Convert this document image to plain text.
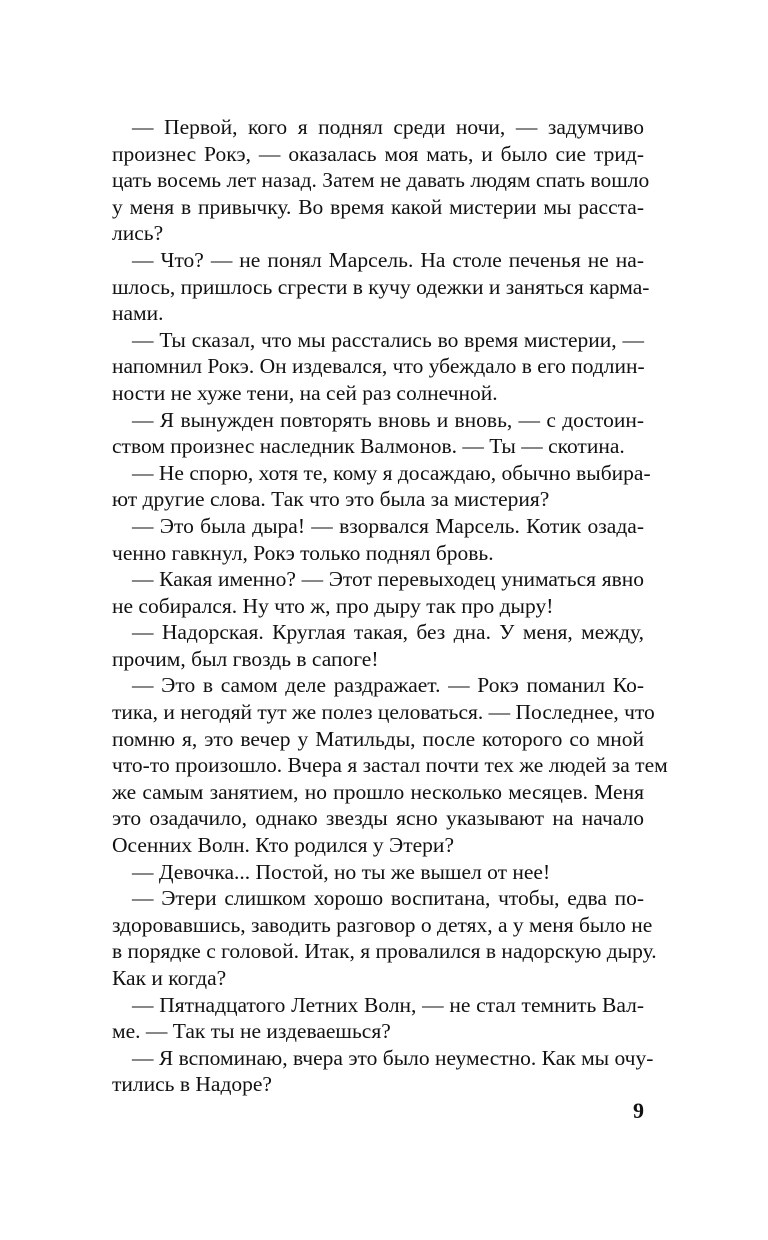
— Первой, кого я поднял среди ночи, — задумчиво
произнес Рокэ, — оказалась моя мать, и было сие трид-
цать восемь лет назад. Затем не давать людям спать вошло
у меня в привычку. Во время какой мистерии мы расста-
лись?
— Что? — не понял Марсель. На столе печенья не на-
шлось, пришлось сгрести в кучу одежки и заняться карма-
нами.
— Ты сказал, что мы расстались во время мистерии, —
напомнил Рокэ. Он издевался, что убеждало в его подлин-
ности не хуже тени, на сей раз солнечной.
— Я вынужден повторять вновь и вновь, — с достоин-
ством произнес наследник Валмонов. — Ты — скотина.
— Не спорю, хотя те, кому я досаждаю, обычно выбира-
ют другие слова. Так что это была за мистерия?
— Это была дыра! — взорвался Марсель. Котик озада-
ченно гавкнул, Рокэ только поднял бровь.
— Какая именно? — Этот перевыходец униматься явно
не собирался. Ну что ж, про дыру так про дыру!
— Надорская. Круглая такая, без дна. У меня, между,
прочим, был гвоздь в сапоге!
— Это в самом деле раздражает. — Рокэ поманил Ко-
тика, и негодяй тут же полез целоваться. — Последнее, что
помню я, это вечер у Матильды, после которого со мной
что-то произошло. Вчера я застал почти тех же людей за тем
же самым занятием, но прошло несколько месяцев. Меня
это озадачило, однако звезды ясно указывают на начало
Осенних Волн. Кто родился у Этери?
— Девочка... Постой, но ты же вышел от нее!
— Этери слишком хорошо воспитана, чтобы, едва по-
здоровавшись, заводить разговор о детях, а у меня было не
в порядке с головой. Итак, я провалился в надорскую дыру.
Как и когда?
— Пятнадцатого Летних Волн, — не стал темнить Вал-
ме. — Так ты не издеваешься?
— Я вспоминаю, вчера это было неуместно. Как мы очу-
тились в Надоре?
9
